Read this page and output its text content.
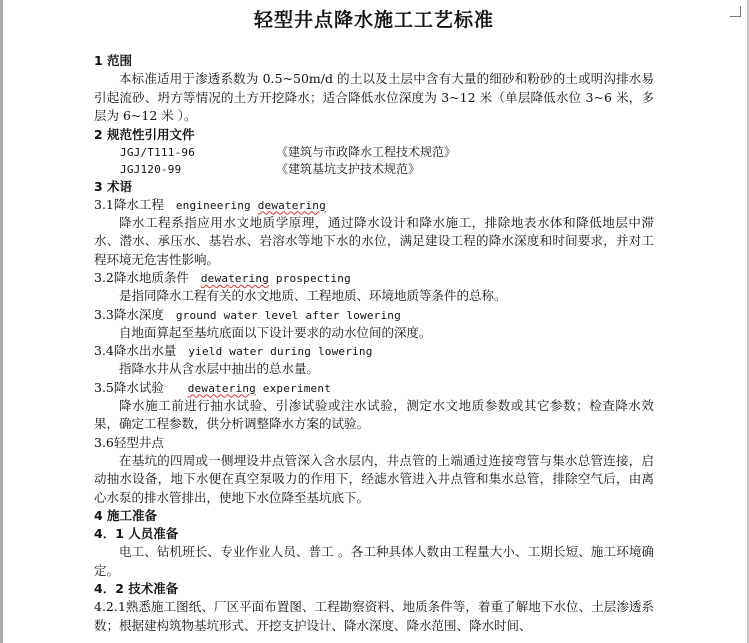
轻型井点降水施工工艺标准
1 范围
本标准适用于渗透系数为 0.5~50m/d 的土以及土层中含有大量的细砂和粉砂的土或明沟排水易引起流砂、坍方等情况的土方开挖降水；适合降低水位深度为 3~12 米（单层降低水位 3~6 米，多层为 6~12 米 ）。
2 规范性引用文件
JGJ/T111-96	《建筑与市政降水工程技术规范》
JGJ120-99	《建筑基坑支护技术规范》
3 术语
3.1降水工程 engineering dewatering
降水工程系指应用水文地质学原理，通过降水设计和降水施工，排除地表水体和降低地层中滞水、潜水、承压水、基岩水、岩溶水等地下水的水位，满足建设工程的降水深度和时间要求，并对工程环境无危害性影响。
3.2降水地质条件 dewatering prospecting
是指同降水工程有关的水文地质、工程地质、环境地质等条件的总称。
3.3降水深度 ground water level after lowering
自地面算起至基坑底面以下设计要求的动水位间的深度。
3.4降水出水量 yield water during lowering
指降水井从含水层中抽出的总水量。
3.5降水试验 dewatering experiment
降水施工前进行抽水试验、引渗试验或注水试验，测定水文地质参数或其它参数；检查降水效果，确定工程参数，供分析调整降水方案的试验。
3.6轻型井点
在基坑的四周或一侧埋设井点管深入含水层内，井点管的上端通过连接弯管与集水总管连接，启动抽水设备，地下水便在真空泵吸力的作用下，经滤水管进入井点管和集水总管，排除空气后，由离心水泵的排水管排出，使地下水位降至基坑底下。
4 施工准备
4．1 人员准备
电工、钻机班长、专业作业人员、普工 。各工种具体人数由工程量大小、工期长短、施工环境确定。
4．2 技术准备
4.2.1熟悉施工图纸、厂区平面布置图、工程勘察资料、地质条件等，着重了解地下水位、土层渗透系数；根据建构筑物基坑形式、开挖支护设计、降水深度、降水范围、降水时间、
